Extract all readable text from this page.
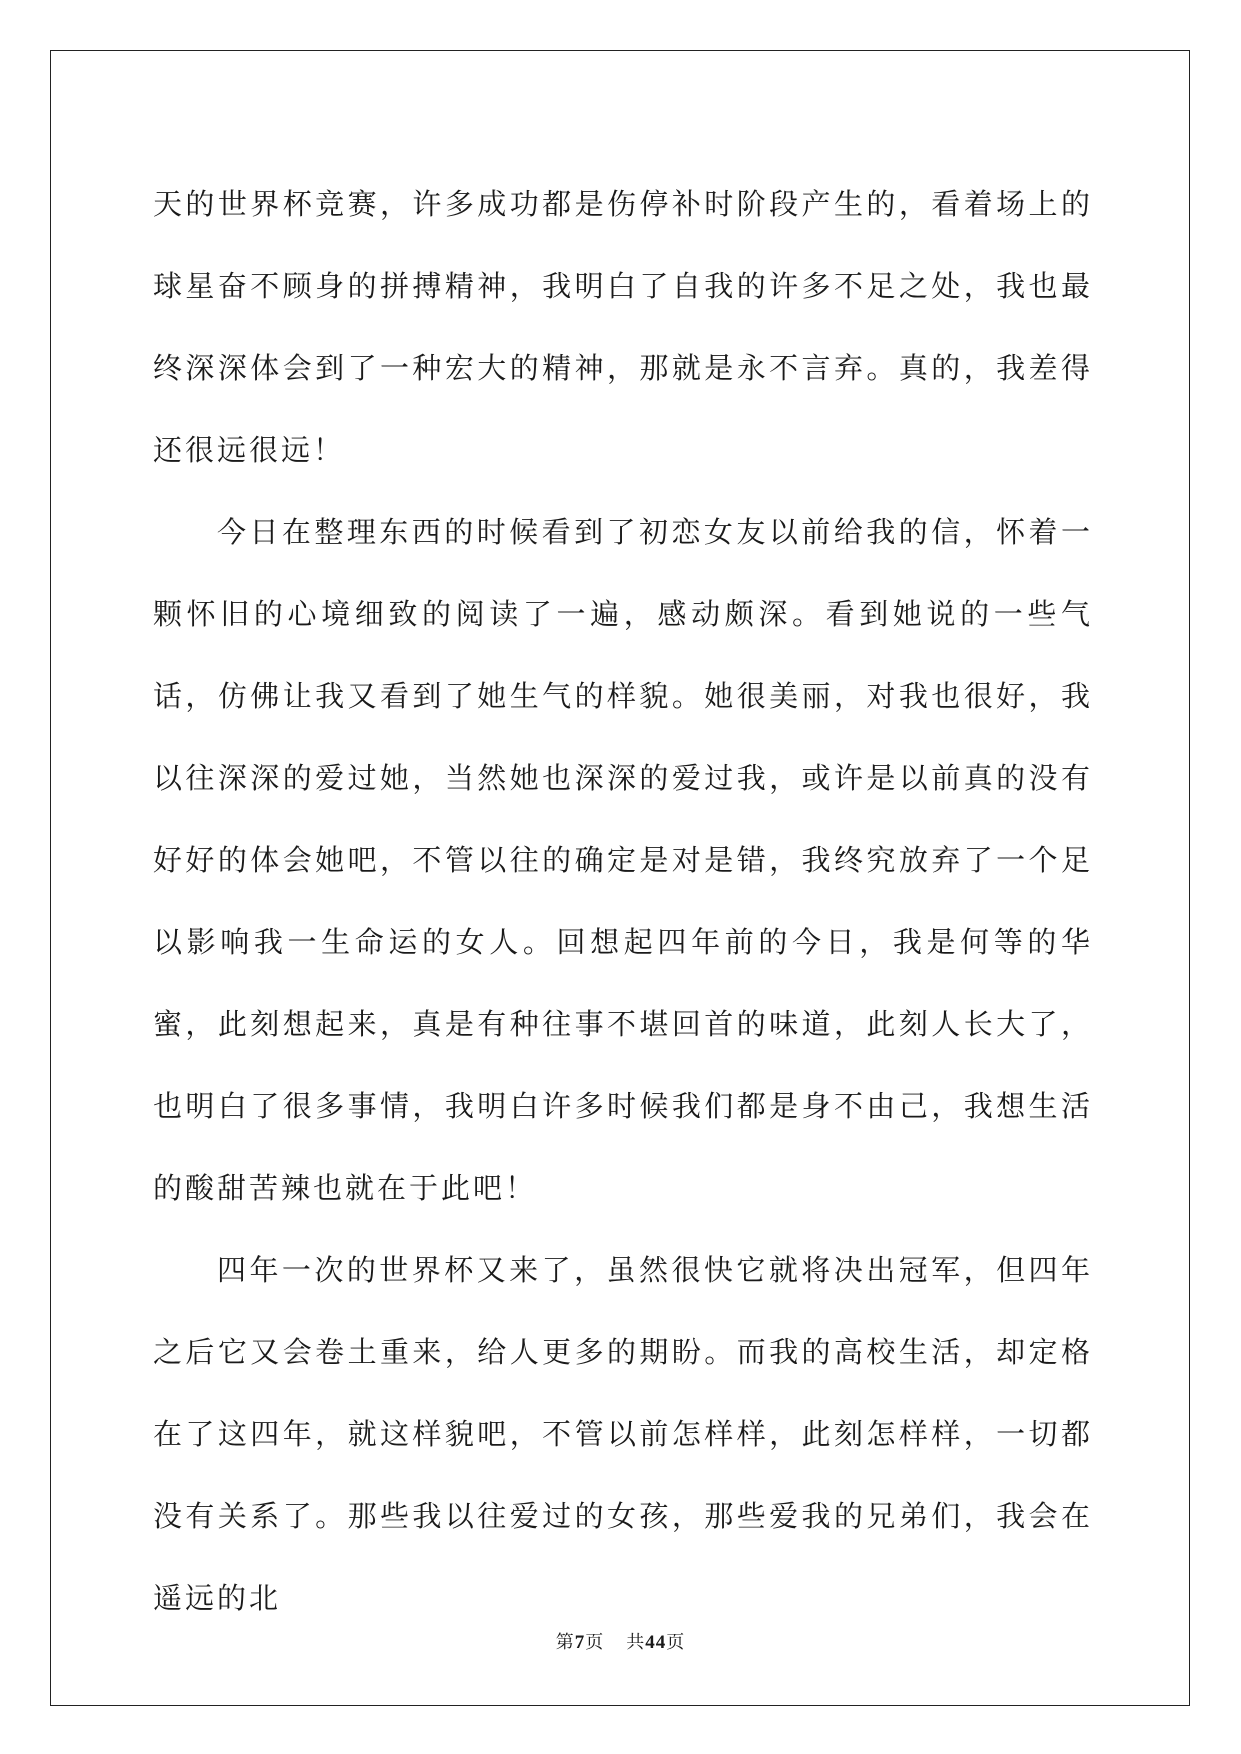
天的世界杯竞赛，许多成功都是伤停补时阶段产生的，看着场上的球星奋不顾身的拼搏精神，我明白了自我的许多不足之处，我也最终深深体会到了一种宏大的精神，那就是永不言弃。真的，我差得还很远很远！

今日在整理东西的时候看到了初恋女友以前给我的信，怀着一颗怀旧的心境细致的阅读了一遍，感动颇深。看到她说的一些气话，仿佛让我又看到了她生气的样貌。她很美丽，对我也很好，我以往深深的爱过她，当然她也深深的爱过我，或许是以前真的没有好好的体会她吧，不管以往的确定是对是错，我终究放弃了一个足以影响我一生命运的女人。回想起四年前的今日，我是何等的华蜜，此刻想起来，真是有种往事不堪回首的味道，此刻人长大了，也明白了很多事情，我明白许多时候我们都是身不由己，我想生活的酸甜苦辣也就在于此吧！

四年一次的世界杯又来了，虽然很快它就将决出冠军，但四年之后它又会卷土重来，给人更多的期盼。而我的高校生活，却定格在了这四年，就这样貌吧，不管以前怎样样，此刻怎样样，一切都没有关系了。那些我以往爱过的女孩，那些爱我的兄弟们，我会在遥远的北

第7页 共44页
